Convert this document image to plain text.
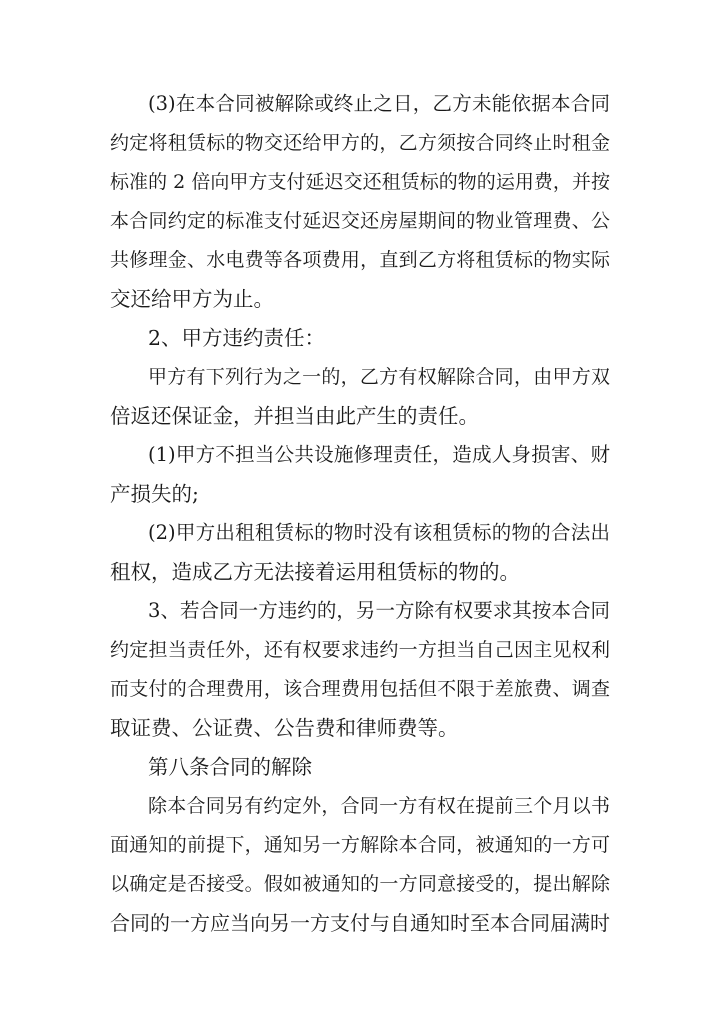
(3)在本合同被解除或终止之日，乙方未能依据本合同
约定将租赁标的物交还给甲方的，乙方须按合同终止时租金
标准的 2 倍向甲方支付延迟交还租赁标的物的运用费，并按
本合同约定的标准支付延迟交还房屋期间的物业管理费、公
共修理金、水电费等各项费用，直到乙方将租赁标的物实际
交还给甲方为止。
2、甲方违约责任：
甲方有下列行为之一的，乙方有权解除合同，由甲方双
倍返还保证金，并担当由此产生的责任。
(1)甲方不担当公共设施修理责任，造成人身损害、财
产损失的;
(2)甲方出租租赁标的物时没有该租赁标的物的合法出
租权，造成乙方无法接着运用租赁标的物的。
3、若合同一方违约的，另一方除有权要求其按本合同
约定担当责任外，还有权要求违约一方担当自己因主见权利
而支付的合理费用，该合理费用包括但不限于差旅费、调查
取证费、公证费、公告费和律师费等。
第八条合同的解除
除本合同另有约定外，合同一方有权在提前三个月以书
面通知的前提下，通知另一方解除本合同，被通知的一方可
以确定是否接受。假如被通知的一方同意接受的，提出解除
合同的一方应当向另一方支付与自通知时至本合同届满时
